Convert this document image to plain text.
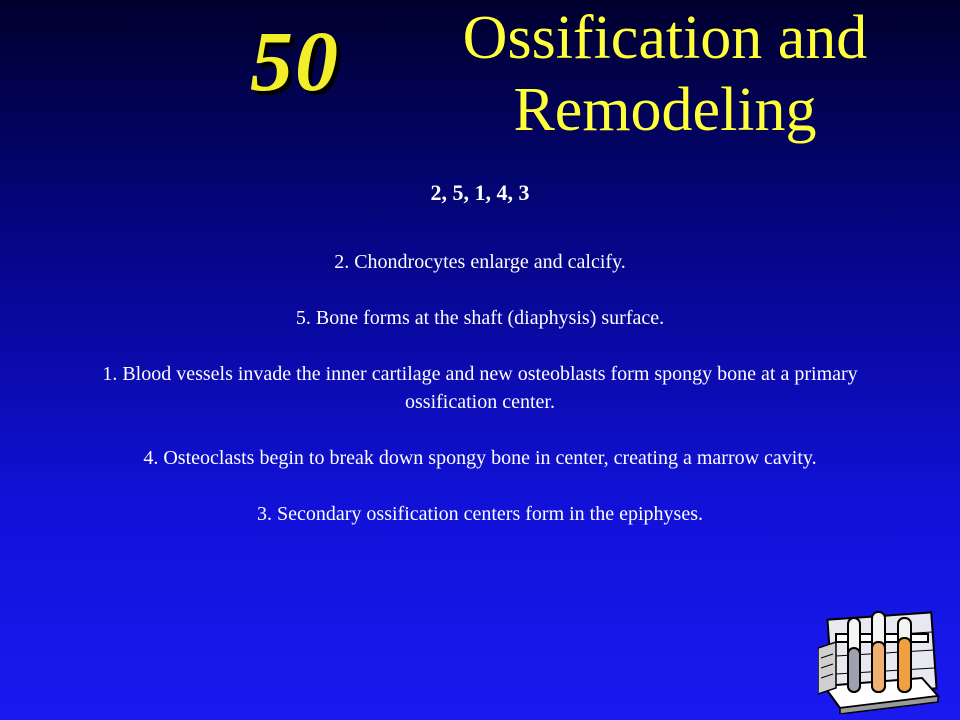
50	Ossification and
Remodeling
2, 5, 1, 4, 3
2. Chondrocytes enlarge and calcify.
5. Bone forms at the shaft (diaphysis) surface.
1. Blood vessels invade the inner cartilage and new osteoblasts form spongy bone at a primary ossification center.
4. Osteoclasts begin to break down spongy bone in center, creating a marrow cavity.
3. Secondary ossification centers form in the epiphyses.
